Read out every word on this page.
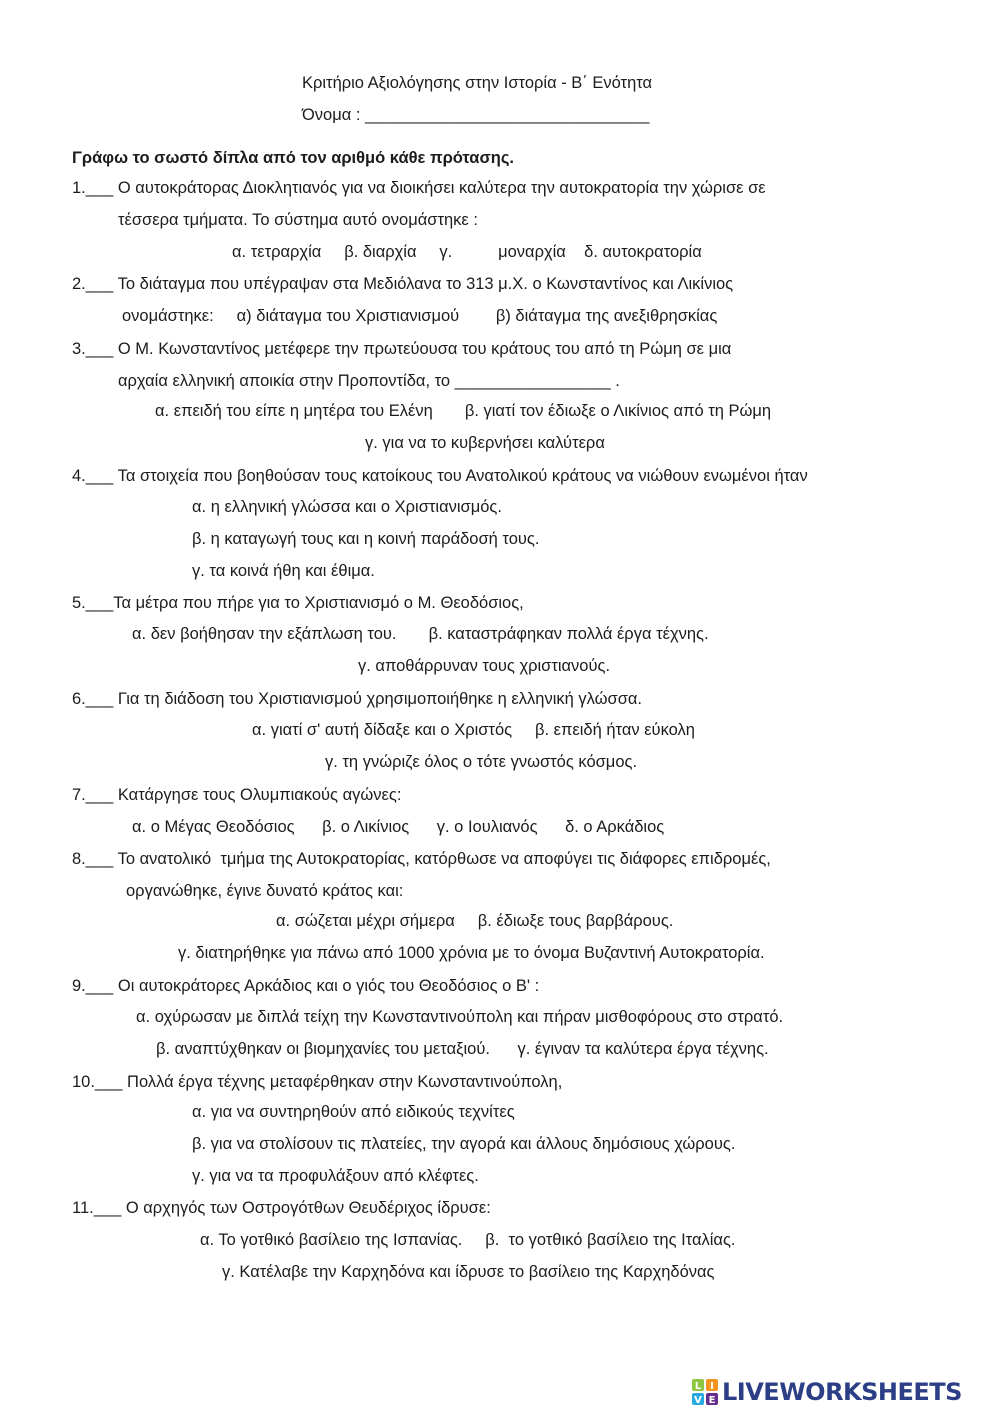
Κριτήριο Αξιολόγησης στην Ιστορία - Β΄ Ενότητα
Όνομα : _______________________________
Γράφω το σωστό δίπλα από τον αριθμό κάθε πρότασης.
1.___ Ο αυτοκράτορας Διοκλητιανός για να διοικήσει καλύτερα την αυτοκρατορία την χώρισε σε
τέσσερα τμήματα. Το σύστημα αυτό ονομάστηκε :
α. τετραρχία     β. διαρχία     γ.          μοναρχία    δ. αυτοκρατορία
2.___ Το διάταγμα που υπέγραψαν στα Μεδιόλανα το 313 μ.Χ. ο Κωνσταντίνος και Λικίνιος
ονομάστηκε:     α) διάταγμα του Χριστιανισμού        β) διάταγμα της ανεξιθρησκίας
3.___ Ο Μ. Κωνσταντίνος μετέφερε την πρωτεύουσα του κράτους του από τη Ρώμη σε μια
αρχαία ελληνική αποικία στην Προποντίδα, το _________________ .
α. επειδή του είπε η μητέρα του Ελένη       β. γιατί τον έδιωξε ο Λικίνιος από τη Ρώμη
γ. για να το κυβερνήσει καλύτερα
4.___ Τα στοιχεία που βοηθούσαν τους κατοίκους του Ανατολικού κράτους να νιώθουν ενωμένοι ήταν
α. η ελληνική γλώσσα και ο Χριστιανισμός.
β. η καταγωγή τους και η κοινή παράδοσή τους.
γ. τα κοινά ήθη και έθιμα.
5.___Τα μέτρα που πήρε για το Χριστιανισμό ο Μ. Θεοδόσιος,
α. δεν βοήθησαν την εξάπλωση του.       β. καταστράφηκαν πολλά έργα τέχνης.
γ. αποθάρρυναν τους χριστιανούς.
6.___ Για τη διάδοση του Χριστιανισμού χρησιμοποιήθηκε η ελληνική γλώσσα.
α. γιατί σ' αυτή δίδαξε και ο Χριστός     β. επειδή ήταν εύκολη
γ. τη γνώριζε όλος ο τότε γνωστός κόσμος.
7.___ Κατάργησε τους Ολυμπιακούς αγώνες:
α. ο Μέγας Θεοδόσιος      β. ο Λικίνιος      γ. ο Ιουλιανός      δ. ο Αρκάδιος
8.___ Το ανατολικό  τμήμα της Αυτοκρατορίας, κατόρθωσε να αποφύγει τις διάφορες επιδρομές,
οργανώθηκε, έγινε δυνατό κράτος και:
α. σώζεται μέχρι σήμερα     β. έδιωξε τους βαρβάρους.
γ. διατηρήθηκε για πάνω από 1000 χρόνια με το όνομα Βυζαντινή Αυτοκρατορία.
9.___ Οι αυτοκράτορες Αρκάδιος και ο γιός του Θεοδόσιος ο Β' :
α. οχύρωσαν με διπλά τείχη την Κωνσταντινούπολη και πήραν μισθοφόρους στο στρατό.
β. αναπτύχθηκαν οι βιομηχανίες του μεταξιού.      γ. έγιναν τα καλύτερα έργα τέχνης.
10.___ Πολλά έργα τέχνης μεταφέρθηκαν στην Κωνσταντινούπολη,
α. για να συντηρηθούν από ειδικούς τεχνίτες
β. για να στολίσουν τις πλατείες, την αγορά και άλλους δημόσιους χώρους.
γ. για να τα προφυλάξουν από κλέφτες.
11.___ Ο αρχηγός των Οστρογότθων Θευδέριχος ίδρυσε:
α. Το γοτθικό βασίλειο της Ισπανίας.     β.  το γοτθικό βασίλειο της Ιταλίας.
γ. Κατέλαβε την Καρχηδόνα και ίδρυσε το βασίλειο της Καρχηδόνας
L I
V E LIVEWORKSHEETS
